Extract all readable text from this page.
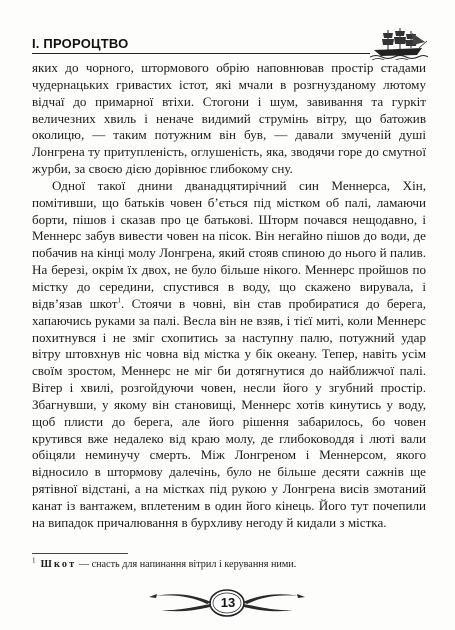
І. ПРОРОЦТВО

яких до чорного, штормового обрію наповнював простір стадами чудернацьких гривастих істот, які мчали в розгнузданому лютому відчаї до примарної втіхи. Стогони і шум, завивання та гуркіт величезних хвиль і неначе видимий струмінь вітру, що батожив околицю, — таким потужним він був, — давали змученій душі Лонгрена ту притупленість, оглушеність, яка, зводячи горе до смутної журби, за своєю дією дорівнює глибокому сну.

Одної такої днини дванадцятирічний син Меннерса, Хін, помітивши, що батьків човен б’ється під містком об палі, ламаючи борти, пішов і сказав про це батькові. Шторм почався нещодавно, і Меннерс забув вивести човен на пісок. Він негайно пішов до води, де побачив на кінці молу Лонгрена, який стояв спиною до нього й палив. На березі, окрім їх двох, не було більше нікого. Меннерс пройшов по містку до середини, спустився в воду, що скажено вирувала, і відв’язав шкот$^1$. Стоячи в човні, він став пробиратися до берега, хапаючись руками за палі. Весла він не взяв, і тієї миті, коли Меннерс похитнувся і не зміг схопитись за наступну палю, потужний удар вітру штовхнув ніс човна від містка у бік океану. Тепер, навіть усім своїм зростом, Меннерс не міг би дотягнутися до найближчої палі. Вітер і хвилі, розгойдуючи човен, несли його у згубний простір. Збагнувши, у якому він становищі, Меннерс хотів кинутись у воду, щоб плисти до берега, але його рішення забарилось, бо човен крутився вже недалеко від краю молу, де глибоководдя і люті вали обіцяли неминучу смерть. Між Лонгреном і Меннерсом, якого відносило в штормову далечінь, було не більше десяти сажнів ще рятівної відстані, а на містках під рукою у Лонгрена висів змотаний канат із вантажем, вплетеним в один його кінець. Його тут почепили на випадок причалювання в бурхливу негоду й кидали з містка.

$^1$ Шкот — снасть для напинання вітрил і керування ними.
13
